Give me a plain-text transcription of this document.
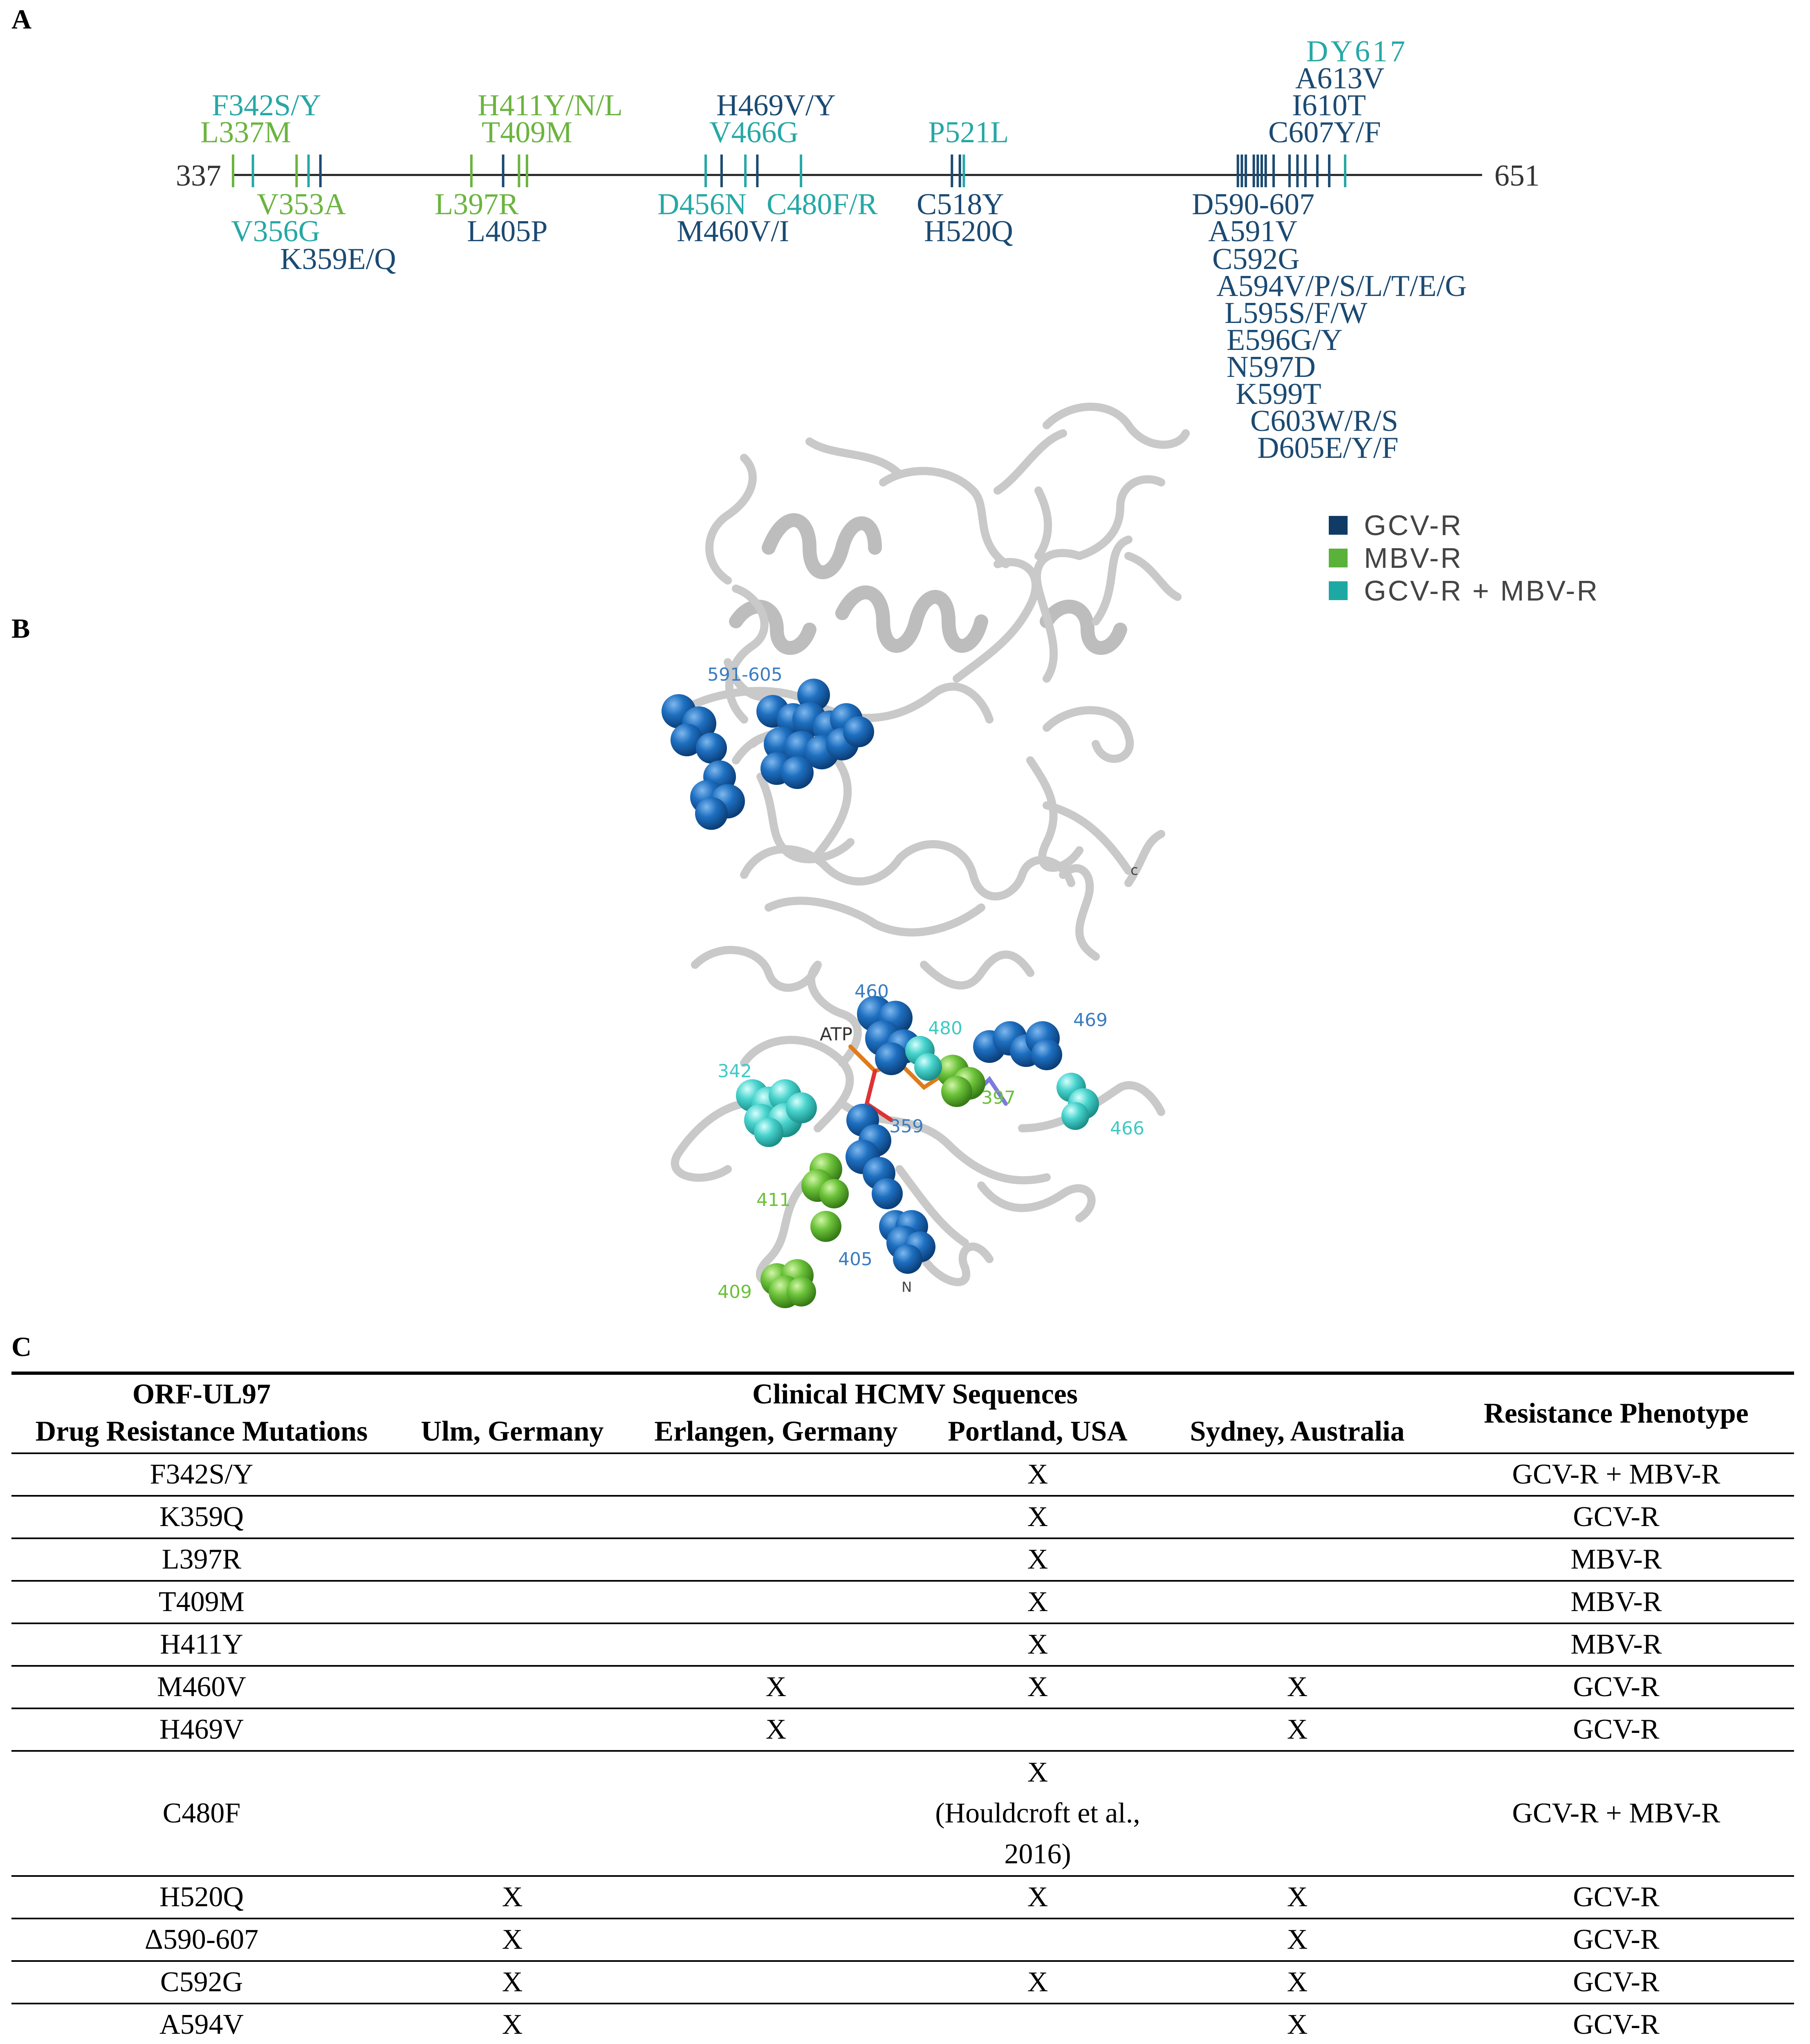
A
B
C
337	651
F342S/Y
L337M
H411Y/N/L
T409M
H469V/Y
V466G	P521L
DY617
A613V
I610T
C607Y/F
V353A
V356G
K359E/Q
L397R
L405P
D456N C480F/R
M460V/I
C518Y
H520Q
D590-607
A591V
C592G
A594V/P/S/L/T/E/G
L595S/F/W
E596G/Y
N597D
K599T
C603W/R/S
D605E/Y/F
GCV-R
MBV-R
GCV-R + MBV-R
591-605
c
460
ATP	480	469
342
359
397
466
411
405
409	N
ORF-UL97	Clinical HCMV Sequences				Resistance Phenotype
Drug Resistance Mutations	Ulm, Germany	Erlangen, Germany	Portland, USA	Sydney, Australia	
F342S/Y			X		GCV-R + MBV-R
K359Q			X		GCV-R
L397R			X		MBV-R
T409M			X		MBV-R
H411Y			X		MBV-R
M460V		X	X	X	GCV-R
H469V		X		X	GCV-R
C480F			X
(Houldcroft et al.,
2016)		GCV-R + MBV-R
H520Q	X		X	X	GCV-R
Δ590-607	X			X	GCV-R
C592G	X		X	X	GCV-R
A594V	X			X	GCV-R
